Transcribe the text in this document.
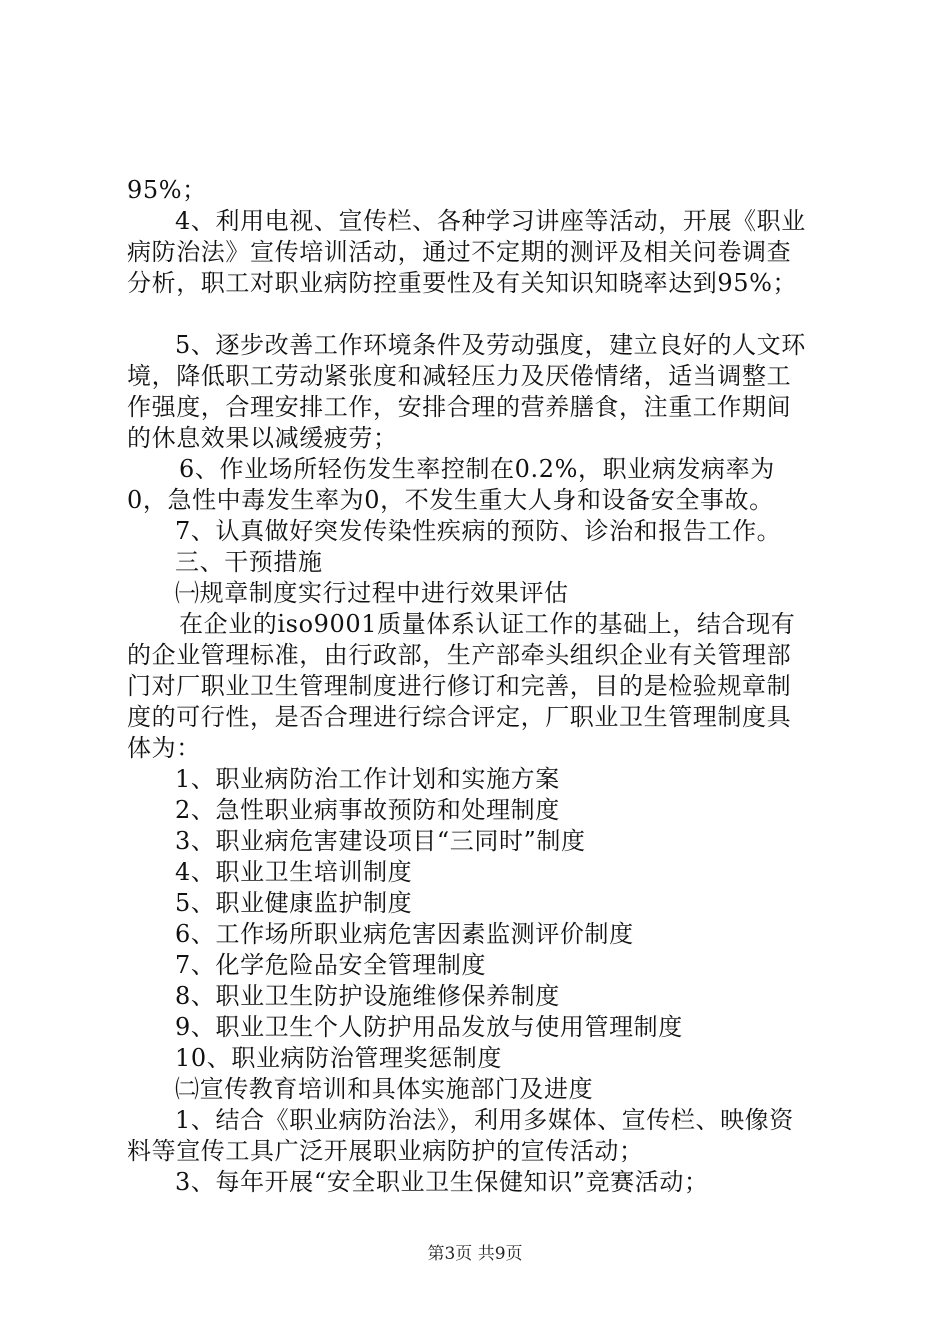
95%；
4、利用电视、宣传栏、各种学习讲座等活动，开展《职业
病防治法》宣传培训活动，通过不定期的测评及相关问卷调查
分析，职工对职业病防控重要性及有关知识知晓率达到95%；
5、逐步改善工作环境条件及劳动强度，建立良好的人文环
境，降低职工劳动紧张度和减轻压力及厌倦情绪，适当调整工
作强度，合理安排工作，安排合理的营养膳食，注重工作期间
的休息效果以减缓疲劳；
6、作业场所轻伤发生率控制在0.2%，职业病发病率为
0，急性中毒发生率为0，不发生重大人身和设备安全事故。
7、认真做好突发传染性疾病的预防、诊治和报告工作。
三、干预措施
㈠规章制度实行过程中进行效果评估
在企业的iso9001质量体系认证工作的基础上，结合现有
的企业管理标准，由行政部，生产部牵头组织企业有关管理部
门对厂职业卫生管理制度进行修订和完善，目的是检验规章制
度的可行性，是否合理进行综合评定，厂职业卫生管理制度具
体为：
1、职业病防治工作计划和实施方案
2、急性职业病事故预防和处理制度
3、职业病危害建设项目“三同时”制度
4、职业卫生培训制度
5、职业健康监护制度
6、工作场所职业病危害因素监测评价制度
7、化学危险品安全管理制度
8、职业卫生防护设施维修保养制度
9、职业卫生个人防护用品发放与使用管理制度
10、职业病防治管理奖惩制度
㈡宣传教育培训和具体实施部门及进度
1、结合《职业病防治法》，利用多媒体、宣传栏、映像资
料等宣传工具广泛开展职业病防护的宣传活动；
3、每年开展“安全职业卫生保健知识”竞赛活动；
第3页 共9页
